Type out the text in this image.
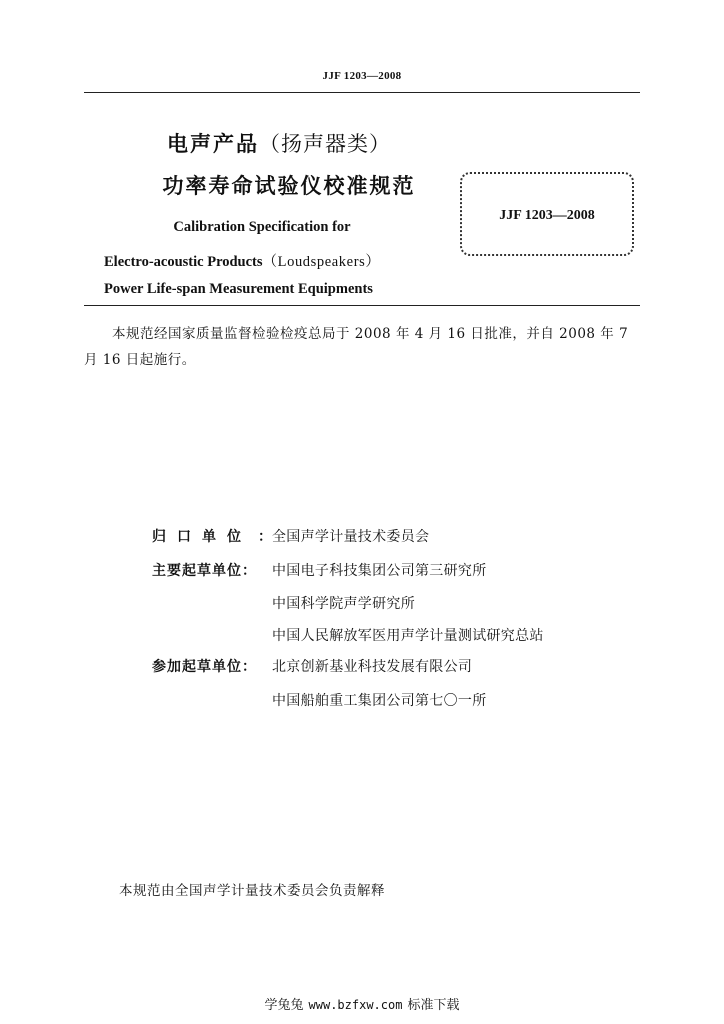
JJF 1203—2008
电声产品（扬声器类）
功率寿命试验仪校准规范
Calibration Specification for
Electro-acoustic Products（Loudspeakers）
Power Life-span Measurement Equipments
JJF 1203—2008
本规范经国家质量监督检验检疫总局于 2008 年 4 月 16 日批准，并自 2008 年 7 月 16 日起施行。
归口单位 ： 全国声学计量技术委员会
主要起草单位： 中国电子科技集团公司第三研究所
中国科学院声学研究所
中国人民解放军医用声学计量测试研究总站
参加起草单位： 北京创新基业科技发展有限公司
中国船舶重工集团公司第七〇一所
本规范由全国声学计量技术委员会负责解释
学兔兔 www.bzfxw.com 标准下载
